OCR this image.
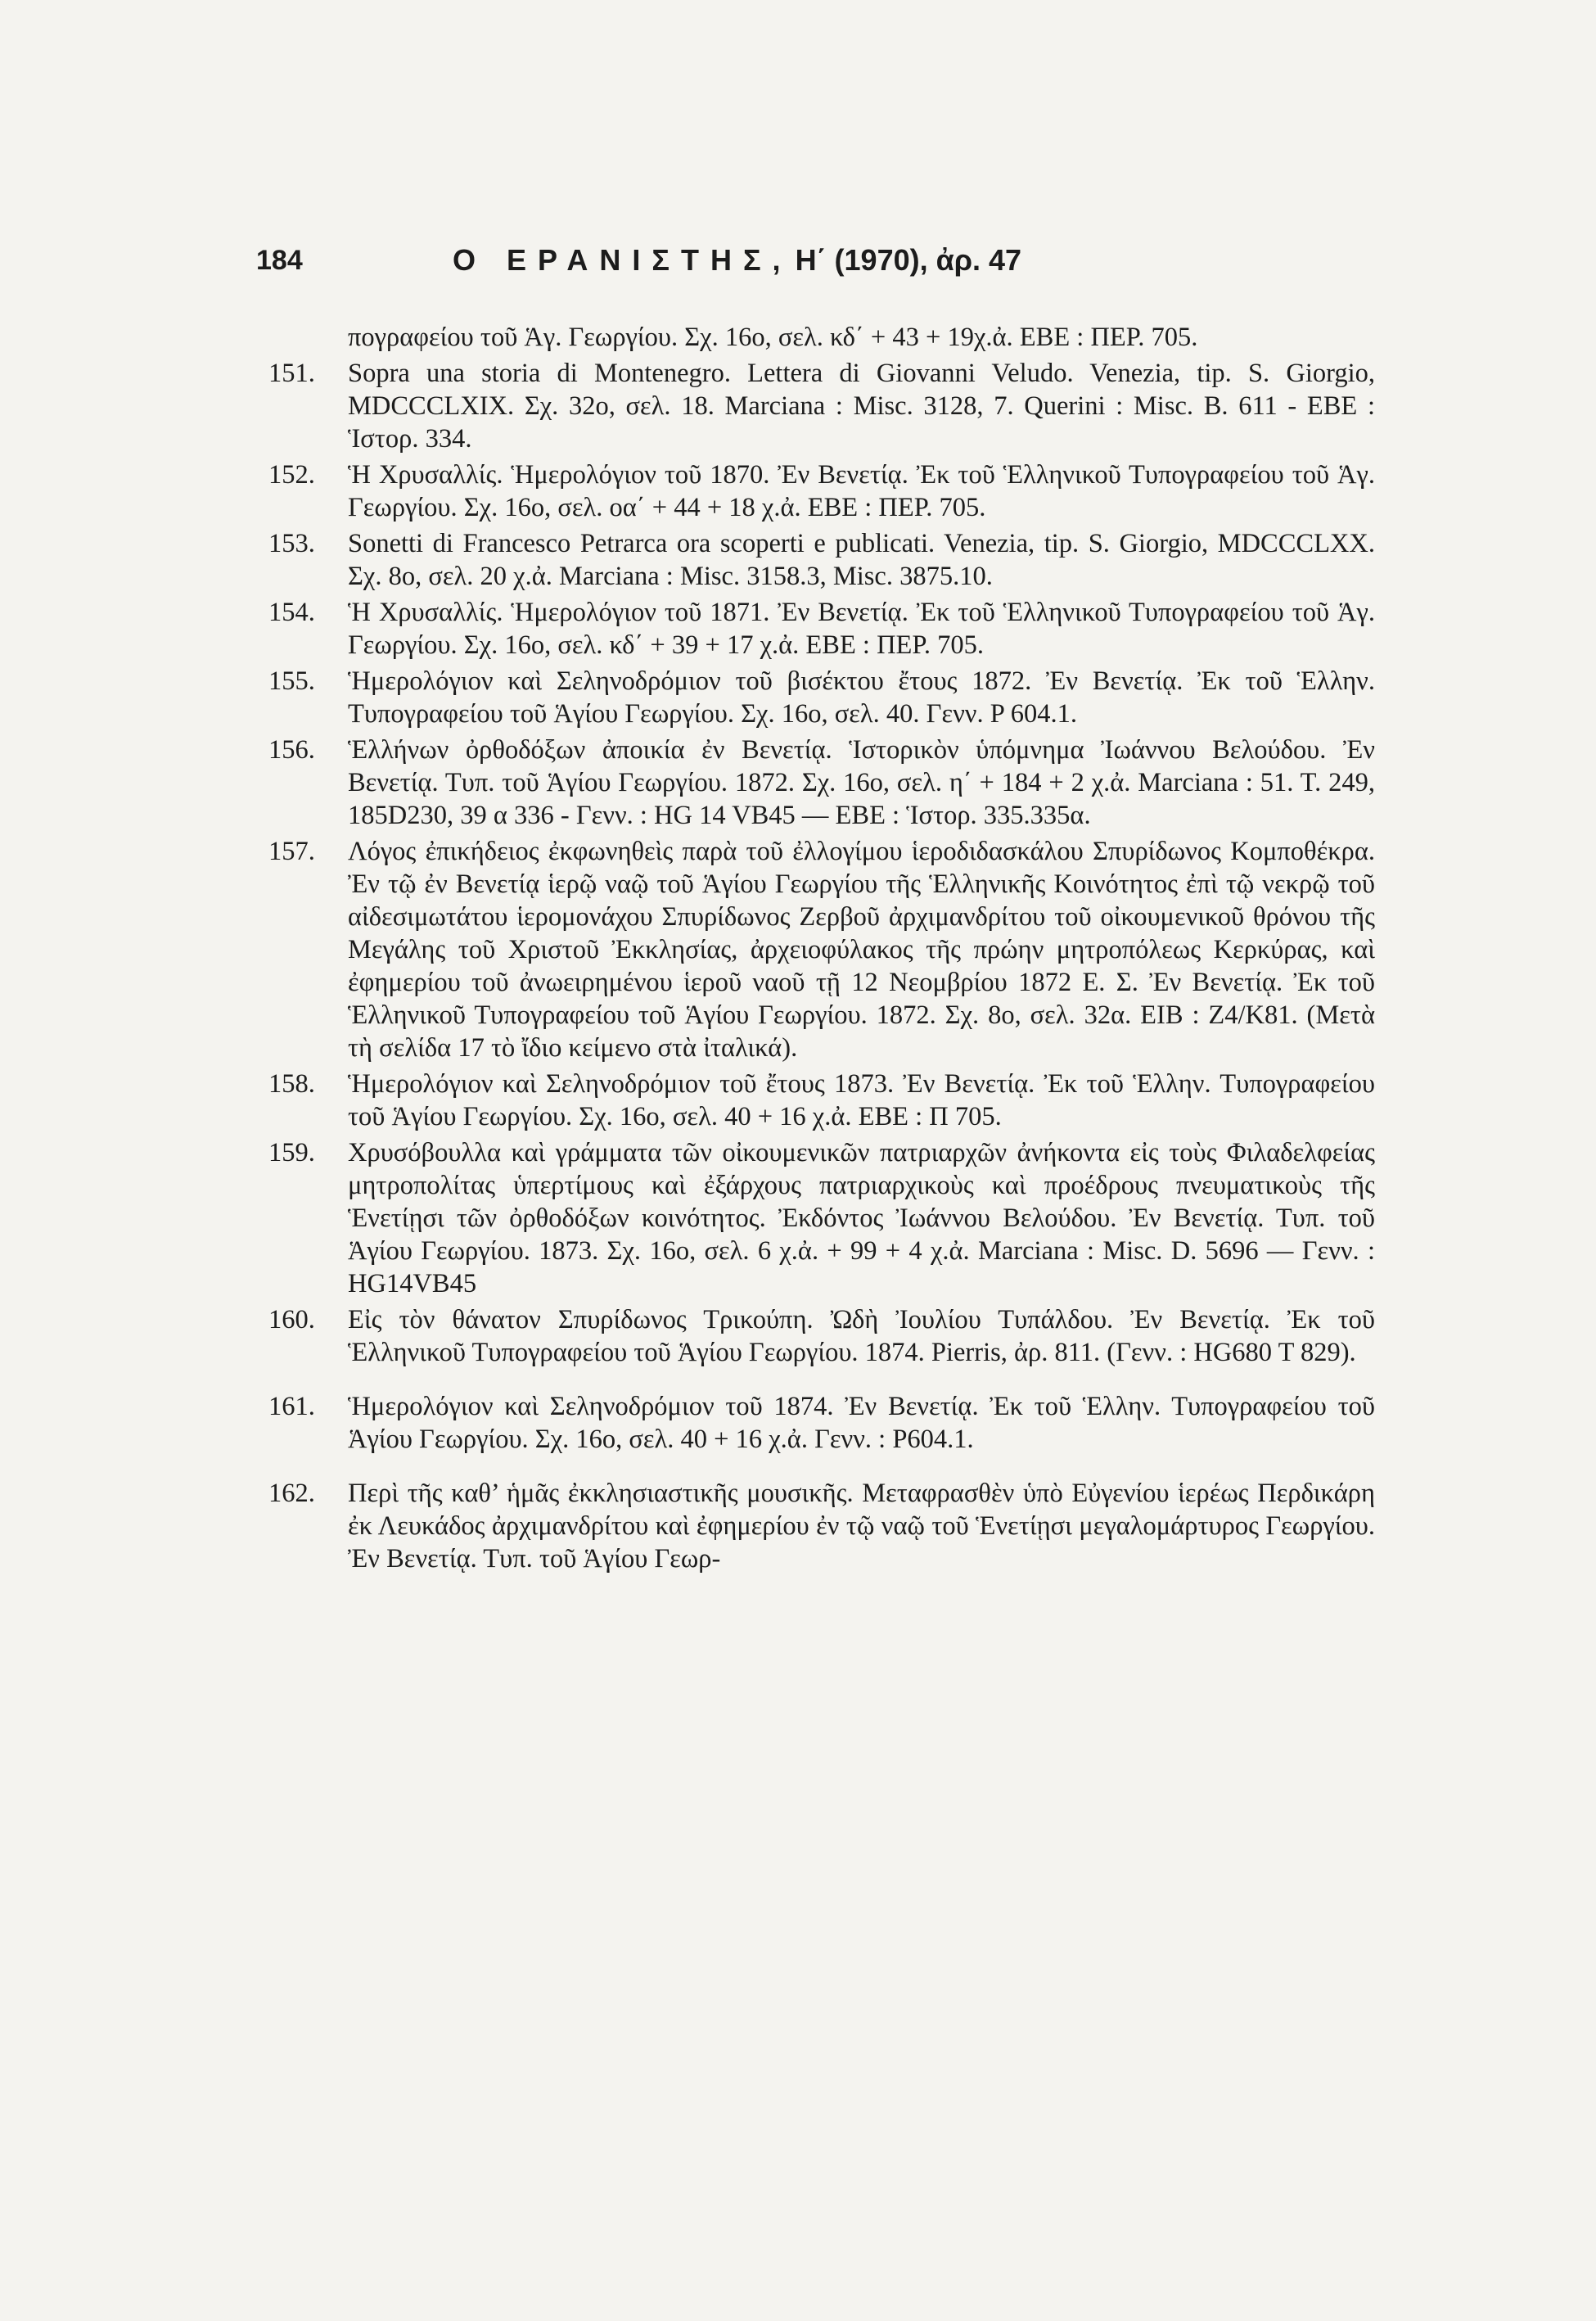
184	Ο ΕΡΑΝΙΣΤΗΣ, Η΄ (1970), ἀρ. 47

πογραφείου τοῦ Ἁγ. Γεωργίου. Σχ. 16ο, σελ. κδ΄ + 43 + 19χ.ἀ. ΕΒΕ : ΠΕΡ. 705.

151.	Sopra una storia di Montenegro. Lettera di Giovanni Veludo. Venezia, tip. S. Giorgio, MDCCCLXIX. Σχ. 32ο, σελ. 18. Marciana : Misc. 3128, 7. Querini : Misc. B. 611 - ΕΒΕ : Ἱστορ. 334.

152.	Ἡ Χρυσαλλίς. Ἡμερολόγιον τοῦ 1870. Ἐν Βενετίᾳ. Ἐκ τοῦ Ἑλληνικοῦ Τυπογραφείου τοῦ Ἁγ. Γεωργίου. Σχ. 16ο, σελ. οα΄ + 44 + 18 χ.ἀ. ΕΒΕ : ΠΕΡ. 705.

153.	Sonetti di Francesco Petrarca ora scoperti e publicati. Venezia, tip. S. Giorgio, MDCCCLXX. Σχ. 8ο, σελ. 20 χ.ἀ. Marciana : Misc. 3158.3, Misc. 3875.10.

154.	Ἡ Χρυσαλλίς. Ἡμερολόγιον τοῦ 1871. Ἐν Βενετίᾳ. Ἐκ τοῦ Ἑλληνικοῦ Τυπογραφείου τοῦ Ἁγ. Γεωργίου. Σχ. 16ο, σελ. κδ΄ + 39 + 17 χ.ἀ. ΕΒΕ : ΠΕΡ. 705.

155.	Ἡμερολόγιον καὶ Σεληνοδρόμιον τοῦ βισέκτου ἔτους 1872. Ἐν Βενετίᾳ. Ἐκ τοῦ Ἑλλην. Τυπογραφείου τοῦ Ἁγίου Γεωργίου. Σχ. 16ο, σελ. 40. Γενν. P 604.1.

156.	Ἑλλήνων ὀρθοδόξων ἀποικία ἐν Βενετίᾳ. Ἱστορικὸν ὑπόμνημα Ἰωάννου Βελούδου. Ἐν Βενετίᾳ. Τυπ. τοῦ Ἁγίου Γεωργίου. 1872. Σχ. 16ο, σελ. η΄ + 184 + 2 χ.ἀ. Marciana : 51. T. 249, 185D230, 39 α 336 - Γενν. : HG 14 VB45 — ΕΒΕ : Ἱστορ. 335.335α.

157.	Λόγος ἐπικήδειος ἐκφωνηθεὶς παρὰ τοῦ ἐλλογίμου ἱεροδιδασκάλου Σπυρίδωνος Κομποθέκρα. Ἐν τῷ ἐν Βενετίᾳ ἱερῷ ναῷ τοῦ Ἁγίου Γεωργίου τῆς Ἑλληνικῆς Κοινότητος ἐπὶ τῷ νεκρῷ τοῦ αἰδεσιμωτάτου ἱερομονάχου Σπυρίδωνος Ζερβοῦ ἀρχιμανδρίτου τοῦ οἰκουμενικοῦ θρόνου τῆς Μεγάλης τοῦ Χριστοῦ Ἐκκλησίας, ἀρχειοφύλακος τῆς πρώην μητροπόλεως Κερκύρας, καὶ ἐφημερίου τοῦ ἀνωειρημένου ἱεροῦ ναοῦ τῇ 12 Νεομβρίου 1872 Ε. Σ. Ἐν Βενετίᾳ. Ἐκ τοῦ Ἑλληνικοῦ Τυπογραφείου τοῦ Ἁγίου Γεωργίου. 1872. Σχ. 8ο, σελ. 32α. ΕΙΒ : Ζ4/Κ81. (Μετὰ τὴ σελίδα 17 τὸ ἴδιο κείμενο στὰ ἰταλικά).

158.	Ἡμερολόγιον καὶ Σεληνοδρόμιον τοῦ ἔτους 1873. Ἐν Βενετίᾳ. Ἐκ τοῦ Ἑλλην. Τυπογραφείου τοῦ Ἁγίου Γεωργίου. Σχ. 16ο, σελ. 40 + 16 χ.ἀ. ΕΒΕ : Π 705.

159.	Χρυσόβουλλα καὶ γράμματα τῶν οἰκουμενικῶν πατριαρχῶν ἀνήκοντα εἰς τοὺς Φιλαδελφείας μητροπολίτας ὑπερτίμους καὶ ἐξάρχους πατριαρχικοὺς καὶ προέδρους πνευματικοὺς τῆς Ἑνετίῃσι τῶν ὀρθοδόξων κοινότητος. Ἐκδόντος Ἰωάννου Βελούδου. Ἐν Βενετίᾳ. Τυπ. τοῦ Ἁγίου Γεωργίου. 1873. Σχ. 16ο, σελ. 6 χ.ἀ. + 99 + 4 χ.ἀ. Marciana : Misc. D. 5696 — Γενν. : HG14VB45

160.	Εἰς τὸν θάνατον Σπυρίδωνος Τρικούπη. Ὠδὴ Ἰουλίου Τυπάλδου. Ἐν Βενετίᾳ. Ἐκ τοῦ Ἑλληνικοῦ Τυπογραφείου τοῦ Ἁγίου Γεωργίου. 1874. Pierris, ἀρ. 811. (Γενν. : HG680 T 829).

161.	Ἡμερολόγιον καὶ Σεληνοδρόμιον τοῦ 1874. Ἐν Βενετίᾳ. Ἐκ τοῦ Ἑλλην. Τυπογραφείου τοῦ Ἁγίου Γεωργίου. Σχ. 16ο, σελ. 40 + 16 χ.ἀ. Γενν. : P604.1.

162.	Περὶ τῆς καθ’ ἡμᾶς ἐκκλησιαστικῆς μουσικῆς. Μεταφρασθὲν ὑπὸ Εὐγενίου ἱερέως Περδικάρη ἐκ Λευκάδος ἀρχιμανδρίτου καὶ ἐφημερίου ἐν τῷ ναῷ τοῦ Ἑνετίῃσι μεγαλομάρτυρος Γεωργίου. Ἐν Βενετίᾳ. Τυπ. τοῦ Ἁγίου Γεωρ-
